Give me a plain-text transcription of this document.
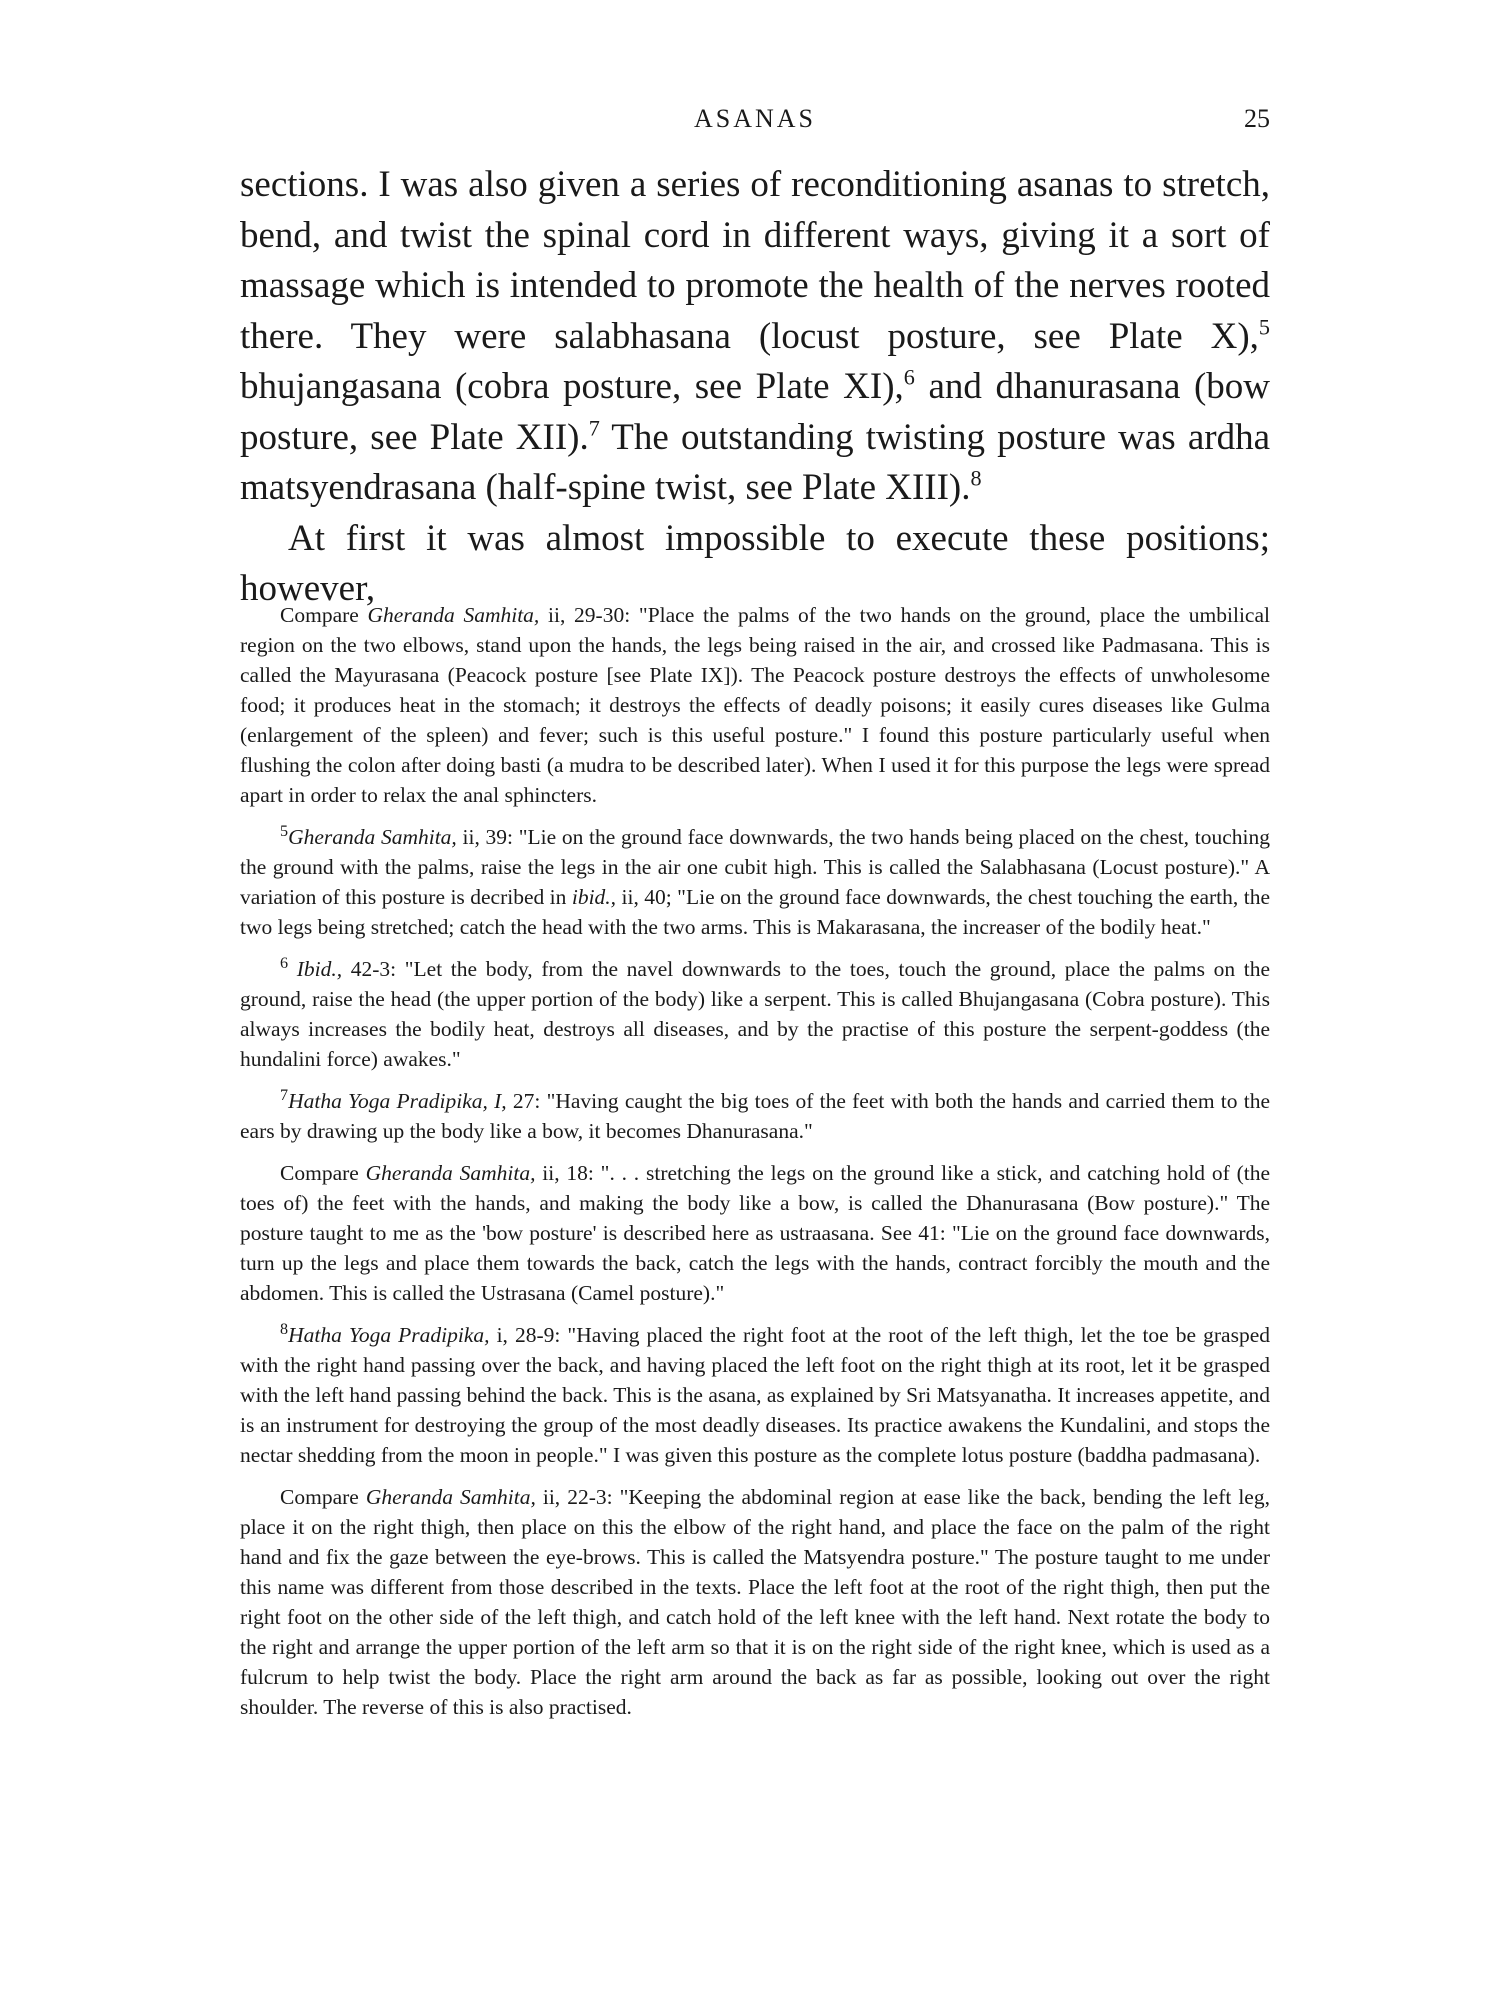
ASANAS	25

sections. I was also given a series of reconditioning asanas to stretch, bend, and twist the spinal cord in different ways, giving it a sort of massage which is intended to promote the health of the nerves rooted there. They were salabhasana (locust posture, see Plate X),$^5$ bhujangasana (cobra posture, see Plate XI),$^6$ and dhanurasana (bow posture, see Plate XII).$^7$ The outstanding twisting posture was ardha matsyendrasana (half-spine twist, see Plate XIII).$^8$

At first it was almost impossible to execute these positions; however,

Compare Gheranda Samhita, ii, 29-30: "Place the palms of the two hands on the ground, place the umbilical region on the two elbows, stand upon the hands, the legs being raised in the air, and crossed like Padmasana. This is called the Mayurasana (Peacock posture [see Plate IX]). The Peacock posture destroys the effects of unwholesome food; it produces heat in the stomach; it destroys the effects of deadly poisons; it easily cures diseases like Gulma (enlargement of the spleen) and fever; such is this useful posture." I found this posture particularly useful when flushing the colon after doing basti (a mudra to be described later). When I used it for this purpose the legs were spread apart in order to relax the anal sphincters.

$^5$Gheranda Samhita, ii, 39: "Lie on the ground face downwards, the two hands being placed on the chest, touching the ground with the palms, raise the legs in the air one cubit high. This is called the Salabhasana (Locust posture)." A variation of this posture is decribed in ibid., ii, 40; "Lie on the ground face downwards, the chest touching the earth, the two legs being stretched; catch the head with the two arms. This is Makarasana, the increaser of the bodily heat."

$^6$ Ibid., 42-3: "Let the body, from the navel downwards to the toes, touch the ground, place the palms on the ground, raise the head (the upper portion of the body) like a serpent. This is called Bhujangasana (Cobra posture). This always increases the bodily heat, destroys all diseases, and by the practise of this posture the serpent-goddess (the hundalini force) awakes."

$^7$Hatha Yoga Pradipika, I, 27: "Having caught the big toes of the feet with both the hands and carried them to the ears by drawing up the body like a bow, it becomes Dhanurasana."

Compare Gheranda Samhita, ii, 18: ". . . stretching the legs on the ground like a stick, and catching hold of (the toes of) the feet with the hands, and making the body like a bow, is called the Dhanurasana (Bow posture)." The posture taught to me as the 'bow posture' is described here as ustraasana. See 41: "Lie on the ground face downwards, turn up the legs and place them towards the back, catch the legs with the hands, contract forcibly the mouth and the abdomen. This is called the Ustrasana (Camel posture)."

$^8$Hatha Yoga Pradipika, i, 28-9: "Having placed the right foot at the root of the left thigh, let the toe be grasped with the right hand passing over the back, and having placed the left foot on the right thigh at its root, let it be grasped with the left hand passing behind the back. This is the asana, as explained by Sri Matsyanatha. It increases appetite, and is an instrument for destroying the group of the most deadly diseases. Its practice awakens the Kundalini, and stops the nectar shedding from the moon in people." I was given this posture as the complete lotus posture (baddha padmasana).

Compare Gheranda Samhita, ii, 22-3: "Keeping the abdominal region at ease like the back, bending the left leg, place it on the right thigh, then place on this the elbow of the right hand, and place the face on the palm of the right hand and fix the gaze between the eye-brows. This is called the Matsyendra posture." The posture taught to me under this name was different from those described in the texts. Place the left foot at the root of the right thigh, then put the right foot on the other side of the left thigh, and catch hold of the left knee with the left hand. Next rotate the body to the right and arrange the upper portion of the left arm so that it is on the right side of the right knee, which is used as a fulcrum to help twist the body. Place the right arm around the back as far as possible, looking out over the right shoulder. The reverse of this is also practised.
